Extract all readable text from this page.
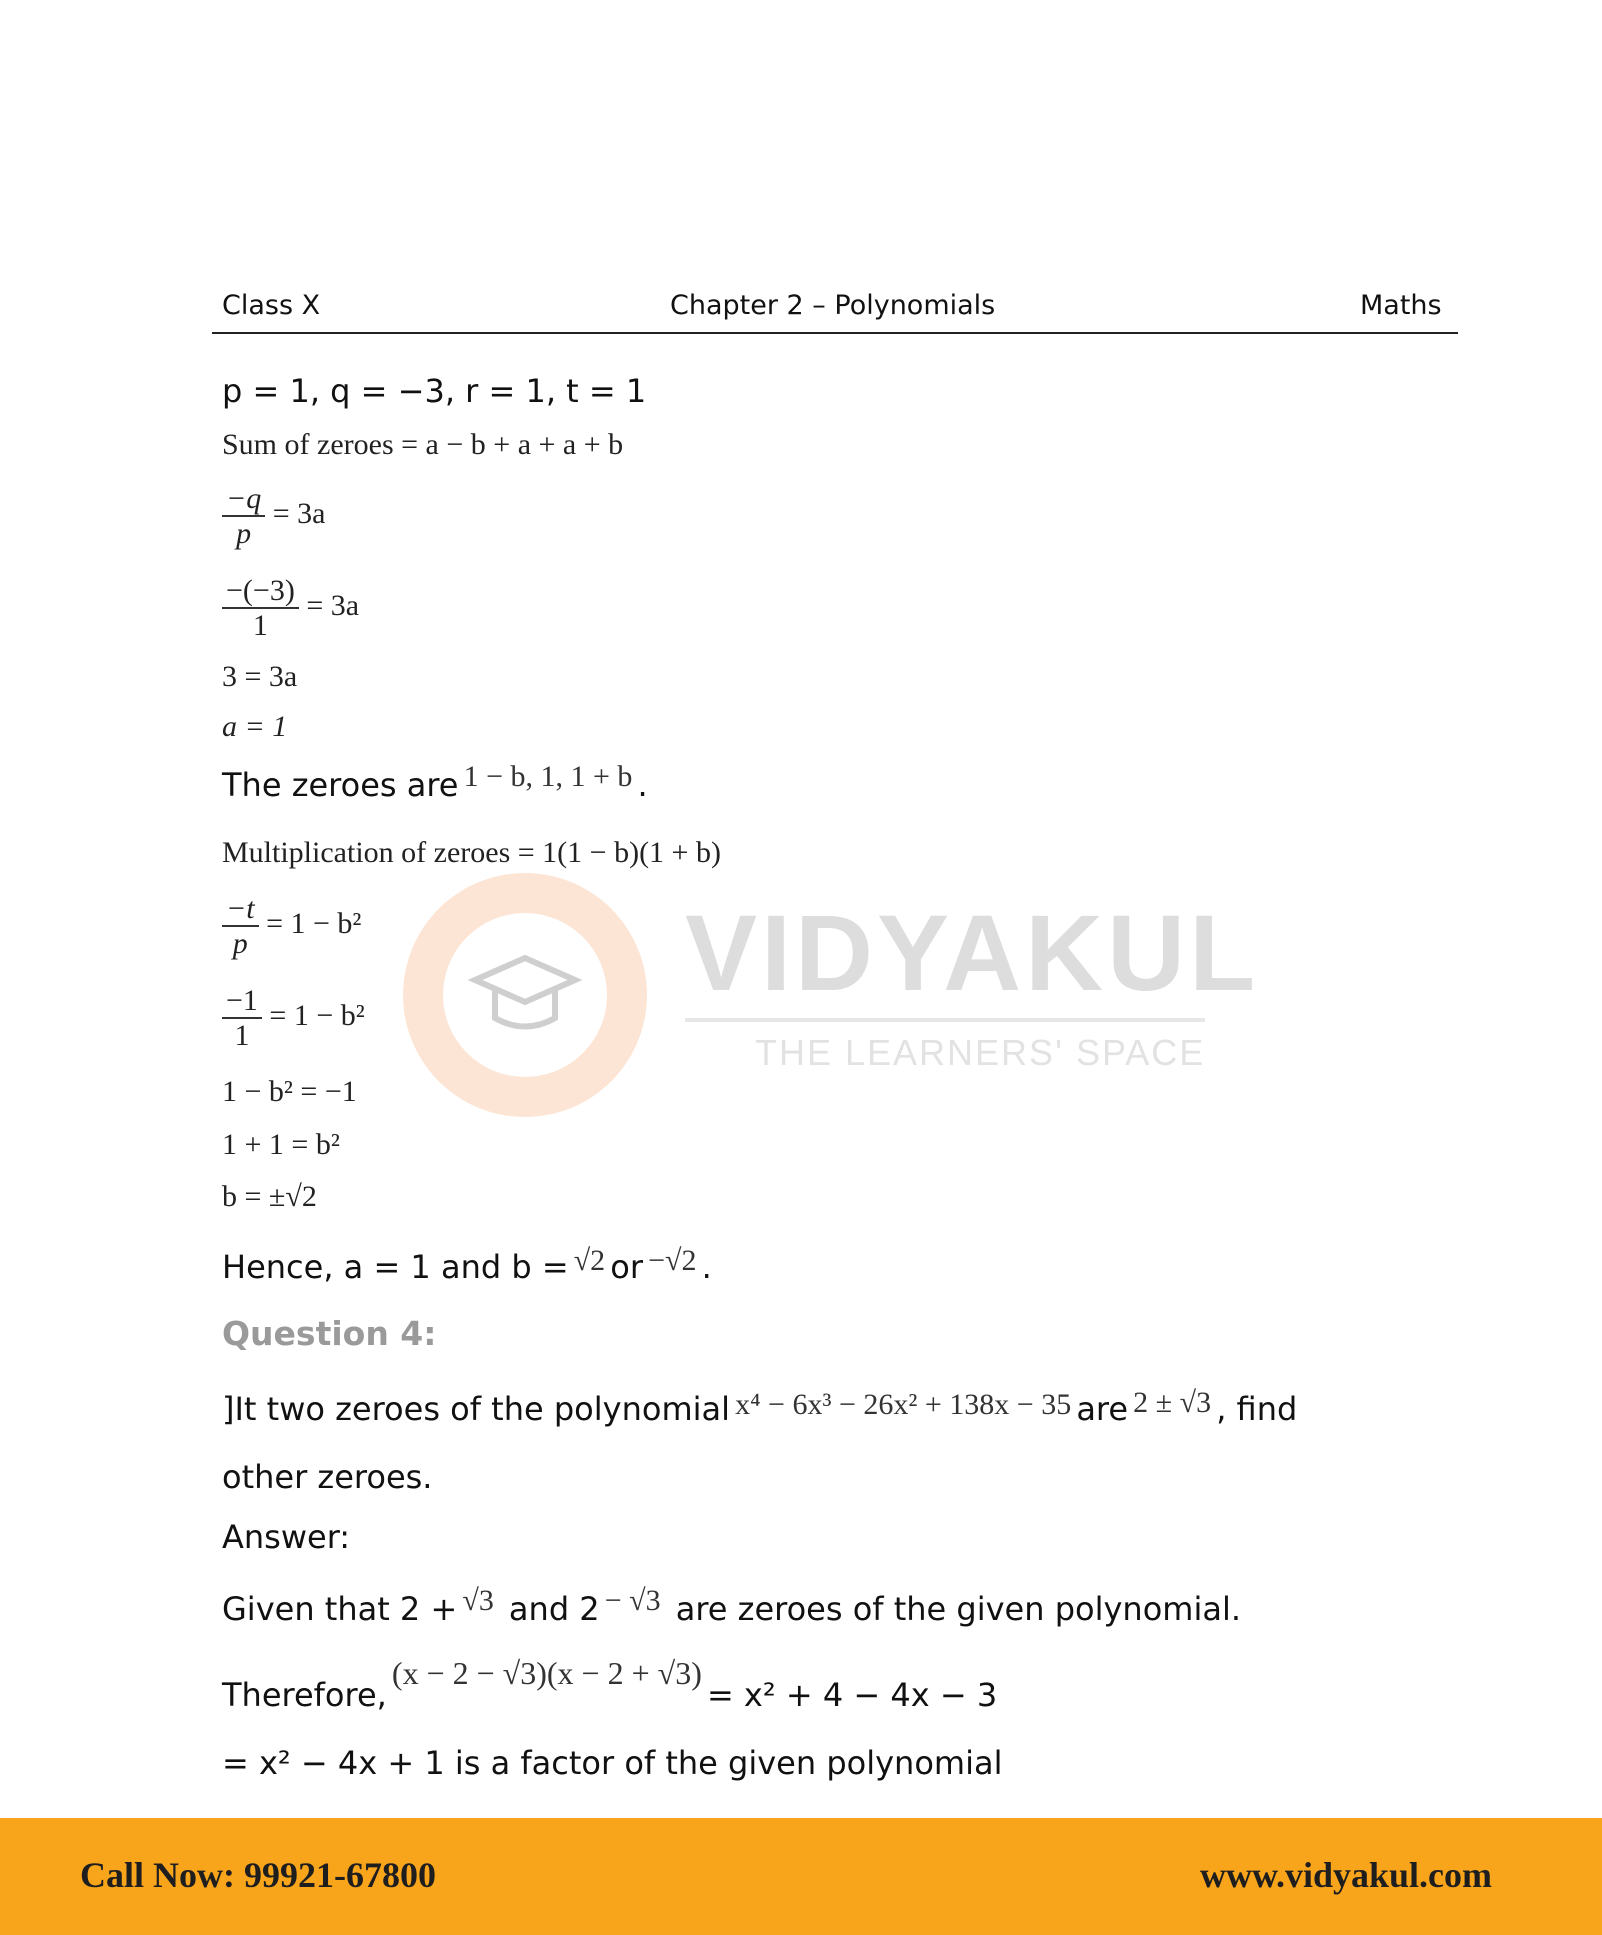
Class X	Chapter 2 – Polynomials	Maths
VIDYAKUL
THE LEARNERS' SPACE
p = 1, q = −3, r = 1, t = 1
Sum of zeroes = a − b + a + a + b
$\frac{-q}{p} = 3a$
$\frac{-(-3)}{1} = 3a$
3 = 3a
a = 1
The zeroes are 1 − b, 1, 1 + b .
Multiplication of zeroes = 1(1 − b)(1 + b)
$\frac{-t}{p} = 1 - b^2$
$\frac{-1}{1} = 1 - b^2$
1 − b² = −1
1 + 1 = b²
b = ±√2
Hence, a = 1 and b = √2 or −√2 .
Question 4:
]It two zeroes of the polynomial x⁴ − 6x³ − 26x² + 138x − 35 are 2 ± √3 , find
other zeroes.
Answer:
Given that 2 + √3 and 2 − √3 are zeroes of the given polynomial.
Therefore, (x − 2 − √3)(x − 2 + √3) = x² + 4 − 4x − 3
= x² − 4x + 1 is a factor of the given polynomial
Call Now: 99921-67800	www.vidyakul.com
